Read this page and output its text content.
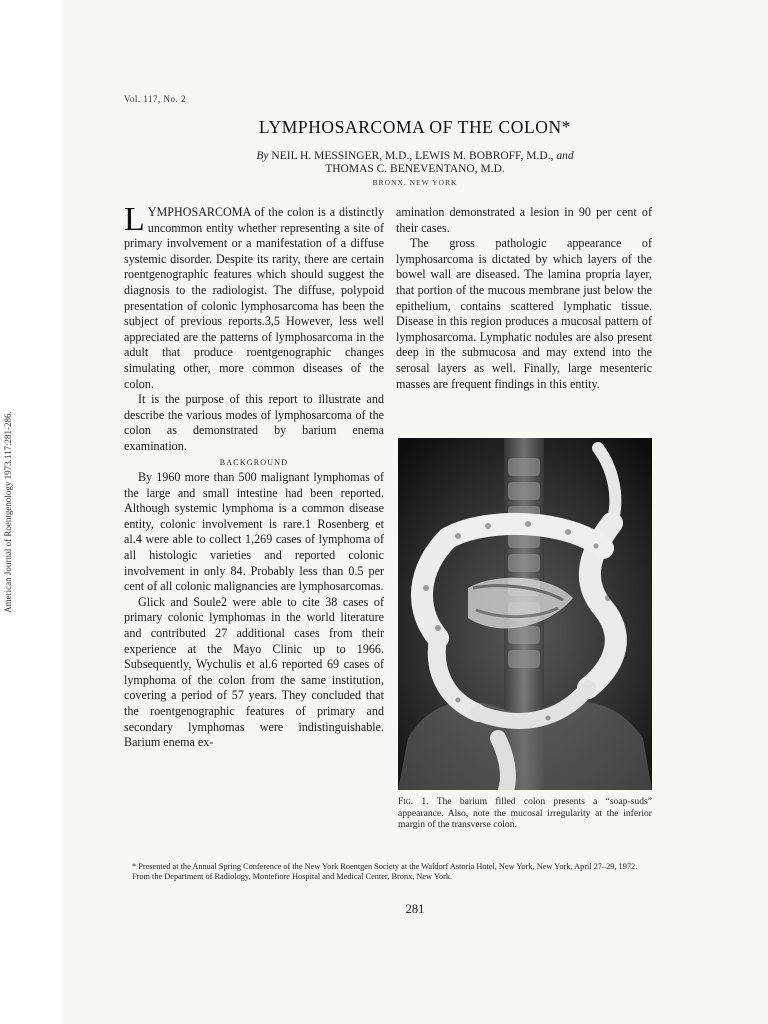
American Journal of Roentgenology 1973.117:281-286.
Vol. 117, No. 2
LYMPHOSARCOMA OF THE COLON*
By NEIL H. MESSINGER, M.D., LEWIS M. BOBROFF, M.D., and
THOMAS C. BENEVENTANO, M.D.
BRONX, NEW YORK

LYMPHOSARCOMA of the colon is a distinctly uncommon entity whether representing a site of primary involvement or a manifestation of a diffuse systemic disorder. Despite its rarity, there are certain roentgenographic features which should suggest the diagnosis to the radiologist. The diffuse, polypoid presentation of colonic lymphosarcoma has been the subject of previous reports.3,5 However, less well appreciated are the patterns of lymphosarcoma in the adult that produce roentgenographic changes simulating other, more common diseases of the colon.

It is the purpose of this report to illustrate and describe the various modes of lymphosarcoma of the colon as demonstrated by barium enema examination.

BACKGROUND

By 1960 more than 500 malignant lymphomas of the large and small intestine had been reported. Although systemic lymphoma is a common disease entity, colonic involvement is rare.1 Rosenberg et al.4 were able to collect 1,269 cases of lymphoma of all histologic varieties and reported colonic involvement in only 84. Probably less than 0.5 per cent of all colonic malignancies are lymphosarcomas.

Glick and Soule2 were able to cite 38 cases of primary colonic lymphomas in the world literature and contributed 27 additional cases from their experience at the Mayo Clinic up to 1966. Subsequently, Wychulis et al.6 reported 69 cases of lymphoma of the colon from the same institution, covering a period of 57 years. They concluded that the roentgenographic features of primary and secondary lymphomas were indistinguishable. Barium enema ex-

amination demonstrated a lesion in 90 per cent of their cases.

The gross pathologic appearance of lymphosarcoma is dictated by which layers of the bowel wall are diseased. The lamina propria layer, that portion of the mucous membrane just below the epithelium, contains scattered lymphatic tissue. Disease in this region produces a mucosal pattern of lymphosarcoma. Lymphatic nodules are also present deep in the submucosa and may extend into the serosal layers as well. Finally, large mesenteric masses are frequent findings in this entity.

Fig. 1. The barium filled colon presents a “soap-suds” appearance. Also, note the mucosal irregularity at the inferior margin of the transverse colon.

* Presented at the Annual Spring Conference of the New York Roentgen Society at the Waldorf Astoria Hotel, New York, New York, April 27–29, 1972.

From the Department of Radiology, Montefiore Hospital and Medical Center, Bronx, New York.

281
